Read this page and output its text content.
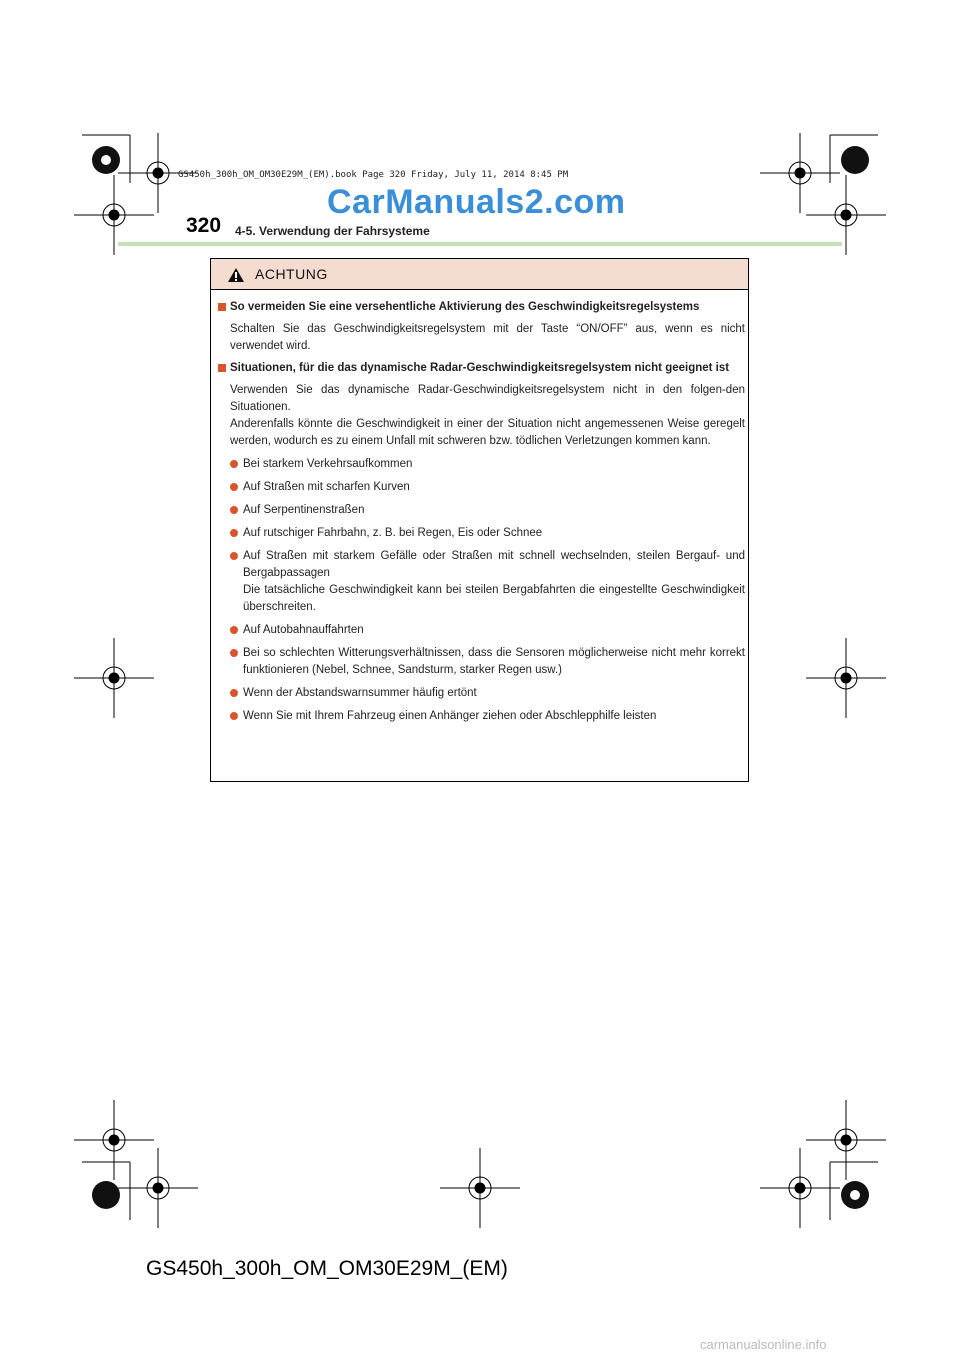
GS450h_300h_OM_OM30E29M_(EM).book Page 320 Friday, July 11, 2014 8:45 PM
CarManuals2.com
320 4-5. Verwendung der Fahrsysteme
ACHTUNG
So vermeiden Sie eine versehentliche Aktivierung des Geschwindigkeitsregelsystems
Schalten Sie das Geschwindigkeitsregelsystem mit der Taste “ON/OFF” aus, wenn es nicht verwendet wird.
Situationen, für die das dynamische Radar-Geschwindigkeitsregelsystem nicht geeignet ist
Verwenden Sie das dynamische Radar-Geschwindigkeitsregelsystem nicht in den folgen-den Situationen.
Anderenfalls könnte die Geschwindigkeit in einer der Situation nicht angemessenen Weise geregelt werden, wodurch es zu einem Unfall mit schweren bzw. tödlichen Verletzungen kommen kann.
Bei starkem Verkehrsaufkommen
Auf Straßen mit scharfen Kurven
Auf Serpentinenstraßen
Auf rutschiger Fahrbahn, z. B. bei Regen, Eis oder Schnee
Auf Straßen mit starkem Gefälle oder Straßen mit schnell wechselnden, steilen Bergauf- und Bergabpassagen
Die tatsächliche Geschwindigkeit kann bei steilen Bergabfahrten die eingestellte Geschwindigkeit überschreiten.
Auf Autobahnauffahrten
Bei so schlechten Witterungsverhältnissen, dass die Sensoren möglicherweise nicht mehr korrekt funktionieren (Nebel, Schnee, Sandsturm, starker Regen usw.)
Wenn der Abstandswarnsummer häufig ertönt
Wenn Sie mit Ihrem Fahrzeug einen Anhänger ziehen oder Abschlepphilfe leisten
GS450h_300h_OM_OM30E29M_(EM)
carmanualsonline.info
